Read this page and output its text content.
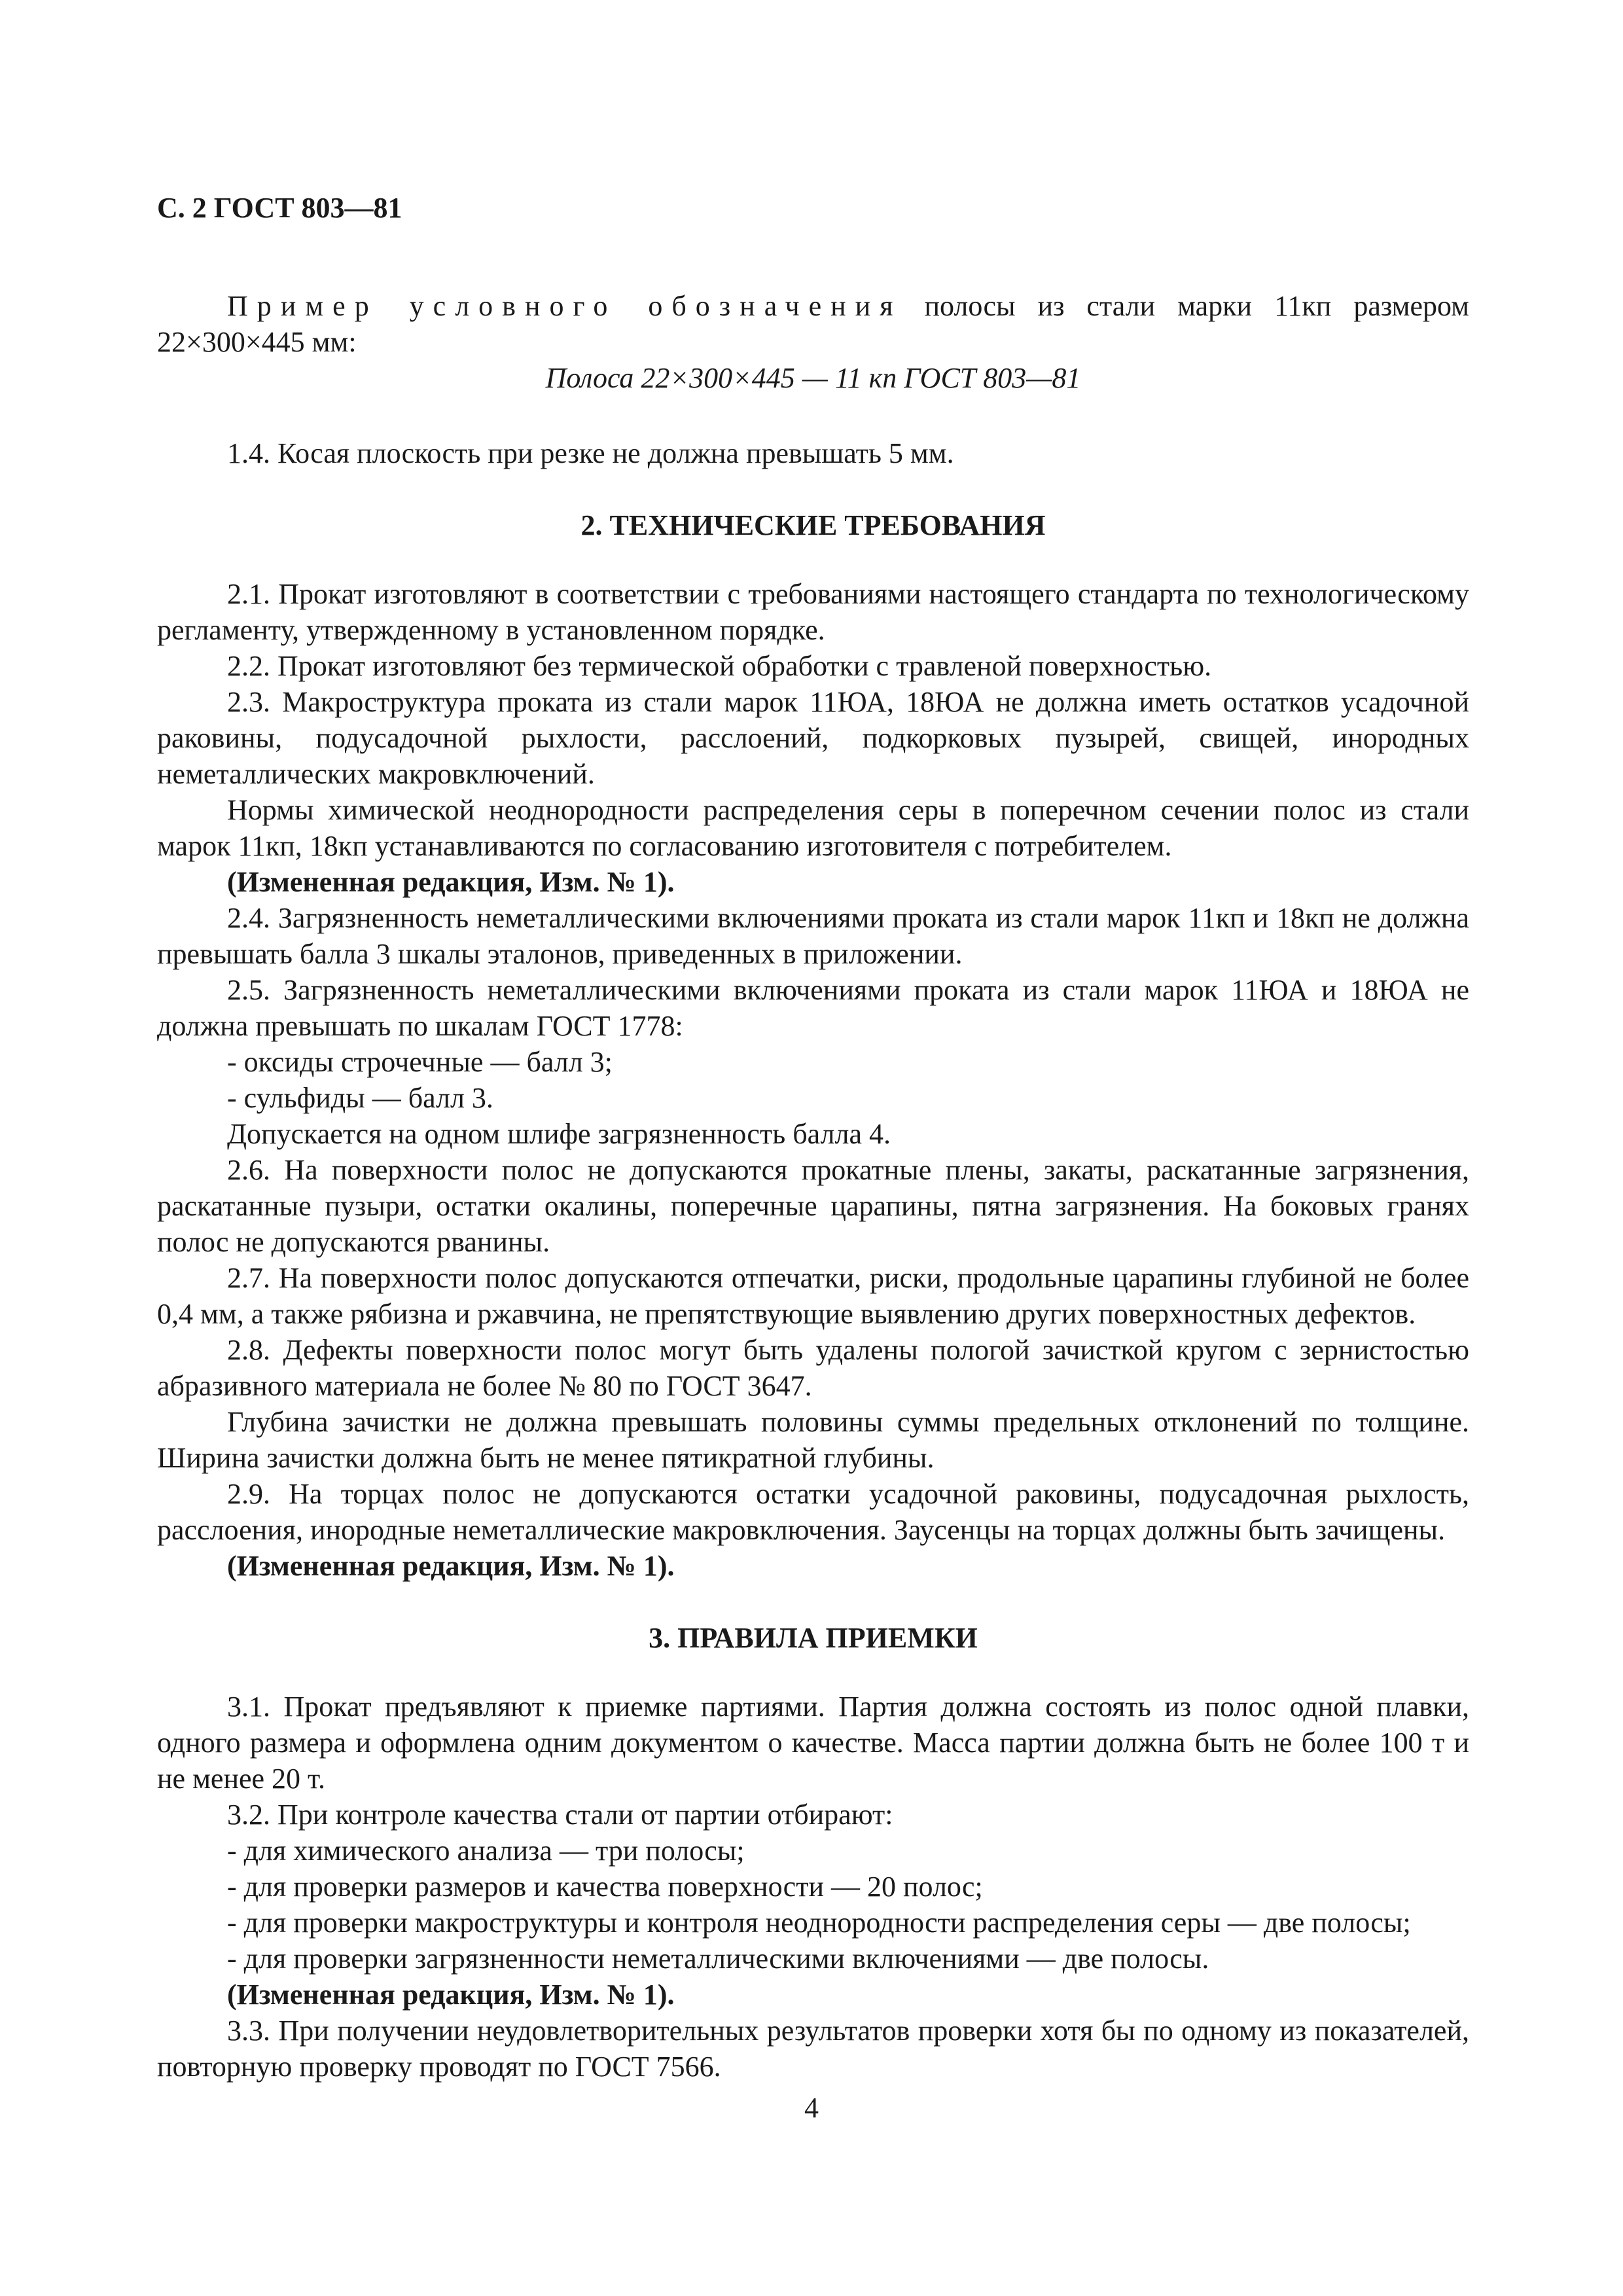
С. 2 ГОСТ 803—81

Пример условного обозначения полосы из стали марки 11кп размером 22×300×445 мм:

Полоса 22×300×445 — 11 кп ГОСТ 803—81

1.4. Косая плоскость при резке не должна превышать 5 мм.

2. ТЕХНИЧЕСКИЕ ТРЕБОВАНИЯ

2.1. Прокат изготовляют в соответствии с требованиями настоящего стандарта по технологическому регламенту, утвержденному в установленном порядке.

2.2. Прокат изготовляют без термической обработки с травленой поверхностью.

2.3. Макроструктура проката из стали марок 11ЮА, 18ЮА не должна иметь остатков усадочной раковины, подусадочной рыхлости, расслоений, подкорковых пузырей, свищей, инородных неметаллических макровключений.

Нормы химической неоднородности распределения серы в поперечном сечении полос из стали марок 11кп, 18кп устанавливаются по согласованию изготовителя с потребителем.

(Измененная редакция, Изм. № 1).

2.4. Загрязненность неметаллическими включениями проката из стали марок 11кп и 18кп не должна превышать балла 3 шкалы эталонов, приведенных в приложении.

2.5. Загрязненность неметаллическими включениями проката из стали марок 11ЮА и 18ЮА не должна превышать по шкалам ГОСТ 1778:

- оксиды строчечные — балл 3;

- сульфиды — балл 3.

Допускается на одном шлифе загрязненность балла 4.

2.6. На поверхности полос не допускаются прокатные плены, закаты, раскатанные загрязнения, раскатанные пузыри, остатки окалины, поперечные царапины, пятна загрязнения. На боковых гранях полос не допускаются рванины.

2.7. На поверхности полос допускаются отпечатки, риски, продольные царапины глубиной не более 0,4 мм, а также рябизна и ржавчина, не препятствующие выявлению других поверхностных дефектов.

2.8. Дефекты поверхности полос могут быть удалены пологой зачисткой кругом с зернистостью абразивного материала не более № 80 по ГОСТ 3647.

Глубина зачистки не должна превышать половины суммы предельных отклонений по толщине. Ширина зачистки должна быть не менее пятикратной глубины.

2.9. На торцах полос не допускаются остатки усадочной раковины, подусадочная рыхлость, расслоения, инородные неметаллические макровключения. Заусенцы на торцах должны быть зачищены.

(Измененная редакция, Изм. № 1).

3. ПРАВИЛА ПРИЕМКИ

3.1. Прокат предъявляют к приемке партиями. Партия должна состоять из полос одной плавки, одного размера и оформлена одним документом о качестве. Масса партии должна быть не более 100 т и не менее 20 т.

3.2. При контроле качества стали от партии отбирают:

- для химического анализа — три полосы;

- для проверки размеров и качества поверхности — 20 полос;

- для проверки макроструктуры и контроля неоднородности распределения серы — две полосы;

- для проверки загрязненности неметаллическими включениями — две полосы.

(Измененная редакция, Изм. № 1).

3.3. При получении неудовлетворительных результатов проверки хотя бы по одному из показателей, повторную проверку проводят по ГОСТ 7566.

4
